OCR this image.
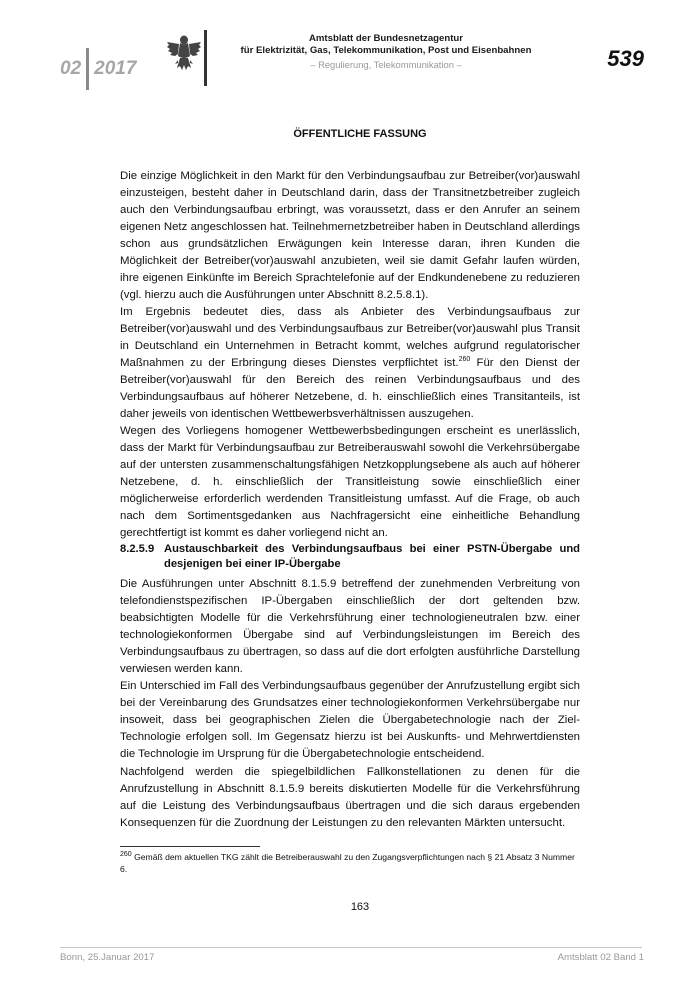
02 2017
Amtsblatt der Bundesnetzagentur
für Elektrizität, Gas, Telekommunikation, Post und Eisenbahnen
– Regulierung, Telekommunikation –	539
ÖFFENTLICHE FASSUNG

Die einzige Möglichkeit in den Markt für den Verbindungsaufbau zur Betreiber(vor)auswahl einzusteigen, besteht daher in Deutschland darin, dass der Transitnetzbetreiber zugleich auch den Verbindungsaufbau erbringt, was voraussetzt, dass er den Anrufer an seinem eigenen Netz angeschlossen hat. Teilnehmernetzbetreiber haben in Deutschland allerdings schon aus grundsätzlichen Erwägungen kein Interesse daran, ihren Kunden die Möglichkeit der Betreiber(vor)auswahl anzubieten, weil sie damit Gefahr laufen würden, ihre eigenen Einkünfte im Bereich Sprachtelefonie auf der Endkundenebene zu reduzieren (vgl. hierzu auch die Ausführungen unter Abschnitt 8.2.5.8.1).

Im Ergebnis bedeutet dies, dass als Anbieter des Verbindungsaufbaus zur Betreiber(vor)auswahl und des Verbindungsaufbaus zur Betreiber(vor)auswahl plus Transit in Deutschland ein Unternehmen in Betracht kommt, welches aufgrund regulatorischer Maßnahmen zu der Erbringung dieses Dienstes verpflichtet ist.$^{260}$ Für den Dienst der Betreiber(vor)auswahl für den Bereich des reinen Verbindungsaufbaus und des Verbindungsaufbaus auf höherer Netzebene, d. h. einschließlich eines Transitanteils, ist daher jeweils von identischen Wettbewerbsverhältnissen auszugehen.

Wegen des Vorliegens homogener Wettbewerbsbedingungen erscheint es unerlässlich, dass der Markt für Verbindungsaufbau zur Betreiberauswahl sowohl die Verkehrsübergabe auf der untersten zusammenschaltungsfähigen Netzkopplungsebene als auch auf höherer Netzebene, d. h. einschließlich der Transitleistung sowie einschließlich einer möglicherweise erforderlich werdenden Transitleistung umfasst. Auf die Frage, ob auch nach dem Sortimentsgedanken aus Nachfragersicht eine einheitliche Behandlung gerechtfertigt ist kommt es daher vorliegend nicht an.

8.2.5.9 Austauschbarkeit des Verbindungsaufbaus bei einer PSTN-Übergabe und desjenigen bei einer IP-Übergabe

Die Ausführungen unter Abschnitt 8.1.5.9 betreffend der zunehmenden Verbreitung von telefondienstspezifischen IP-Übergaben einschließlich der dort geltenden bzw. beabsichtigten Modelle für die Verkehrsführung einer technologieneutralen bzw. einer technologiekonformen Übergabe sind auf Verbindungsleistungen im Bereich des Verbindungsaufbaus zu übertragen, so dass auf die dort erfolgten ausführliche Darstellung verwiesen werden kann.

Ein Unterschied im Fall des Verbindungsaufbaus gegenüber der Anrufzustellung ergibt sich bei der Vereinbarung des Grundsatzes einer technologiekonformen Verkehrsübergabe nur insoweit, dass bei geographischen Zielen die Übergabetechnologie nach der Ziel-Technologie erfolgen soll. Im Gegensatz hierzu ist bei Auskunfts- und Mehrwertdiensten die Technologie im Ursprung für die Übergabetechnologie entscheidend.

Nachfolgend werden die spiegelbildlichen Fallkonstellationen zu denen für die Anrufzustellung in Abschnitt 8.1.5.9 bereits diskutierten Modelle für die Verkehrsführung auf die Leistung des Verbindungsaufbaus übertragen und die sich daraus ergebenden Konsequenzen für die Zuordnung der Leistungen zu den relevanten Märkten untersucht.

$^{260}$ Gemäß dem aktuellen TKG zählt die Betreiberauswahl zu den Zugangsverpflichtungen nach § 21 Absatz 3 Nummer 6.
163
Bonn, 25.Januar 2017	Amtsblatt 02 Band 1
